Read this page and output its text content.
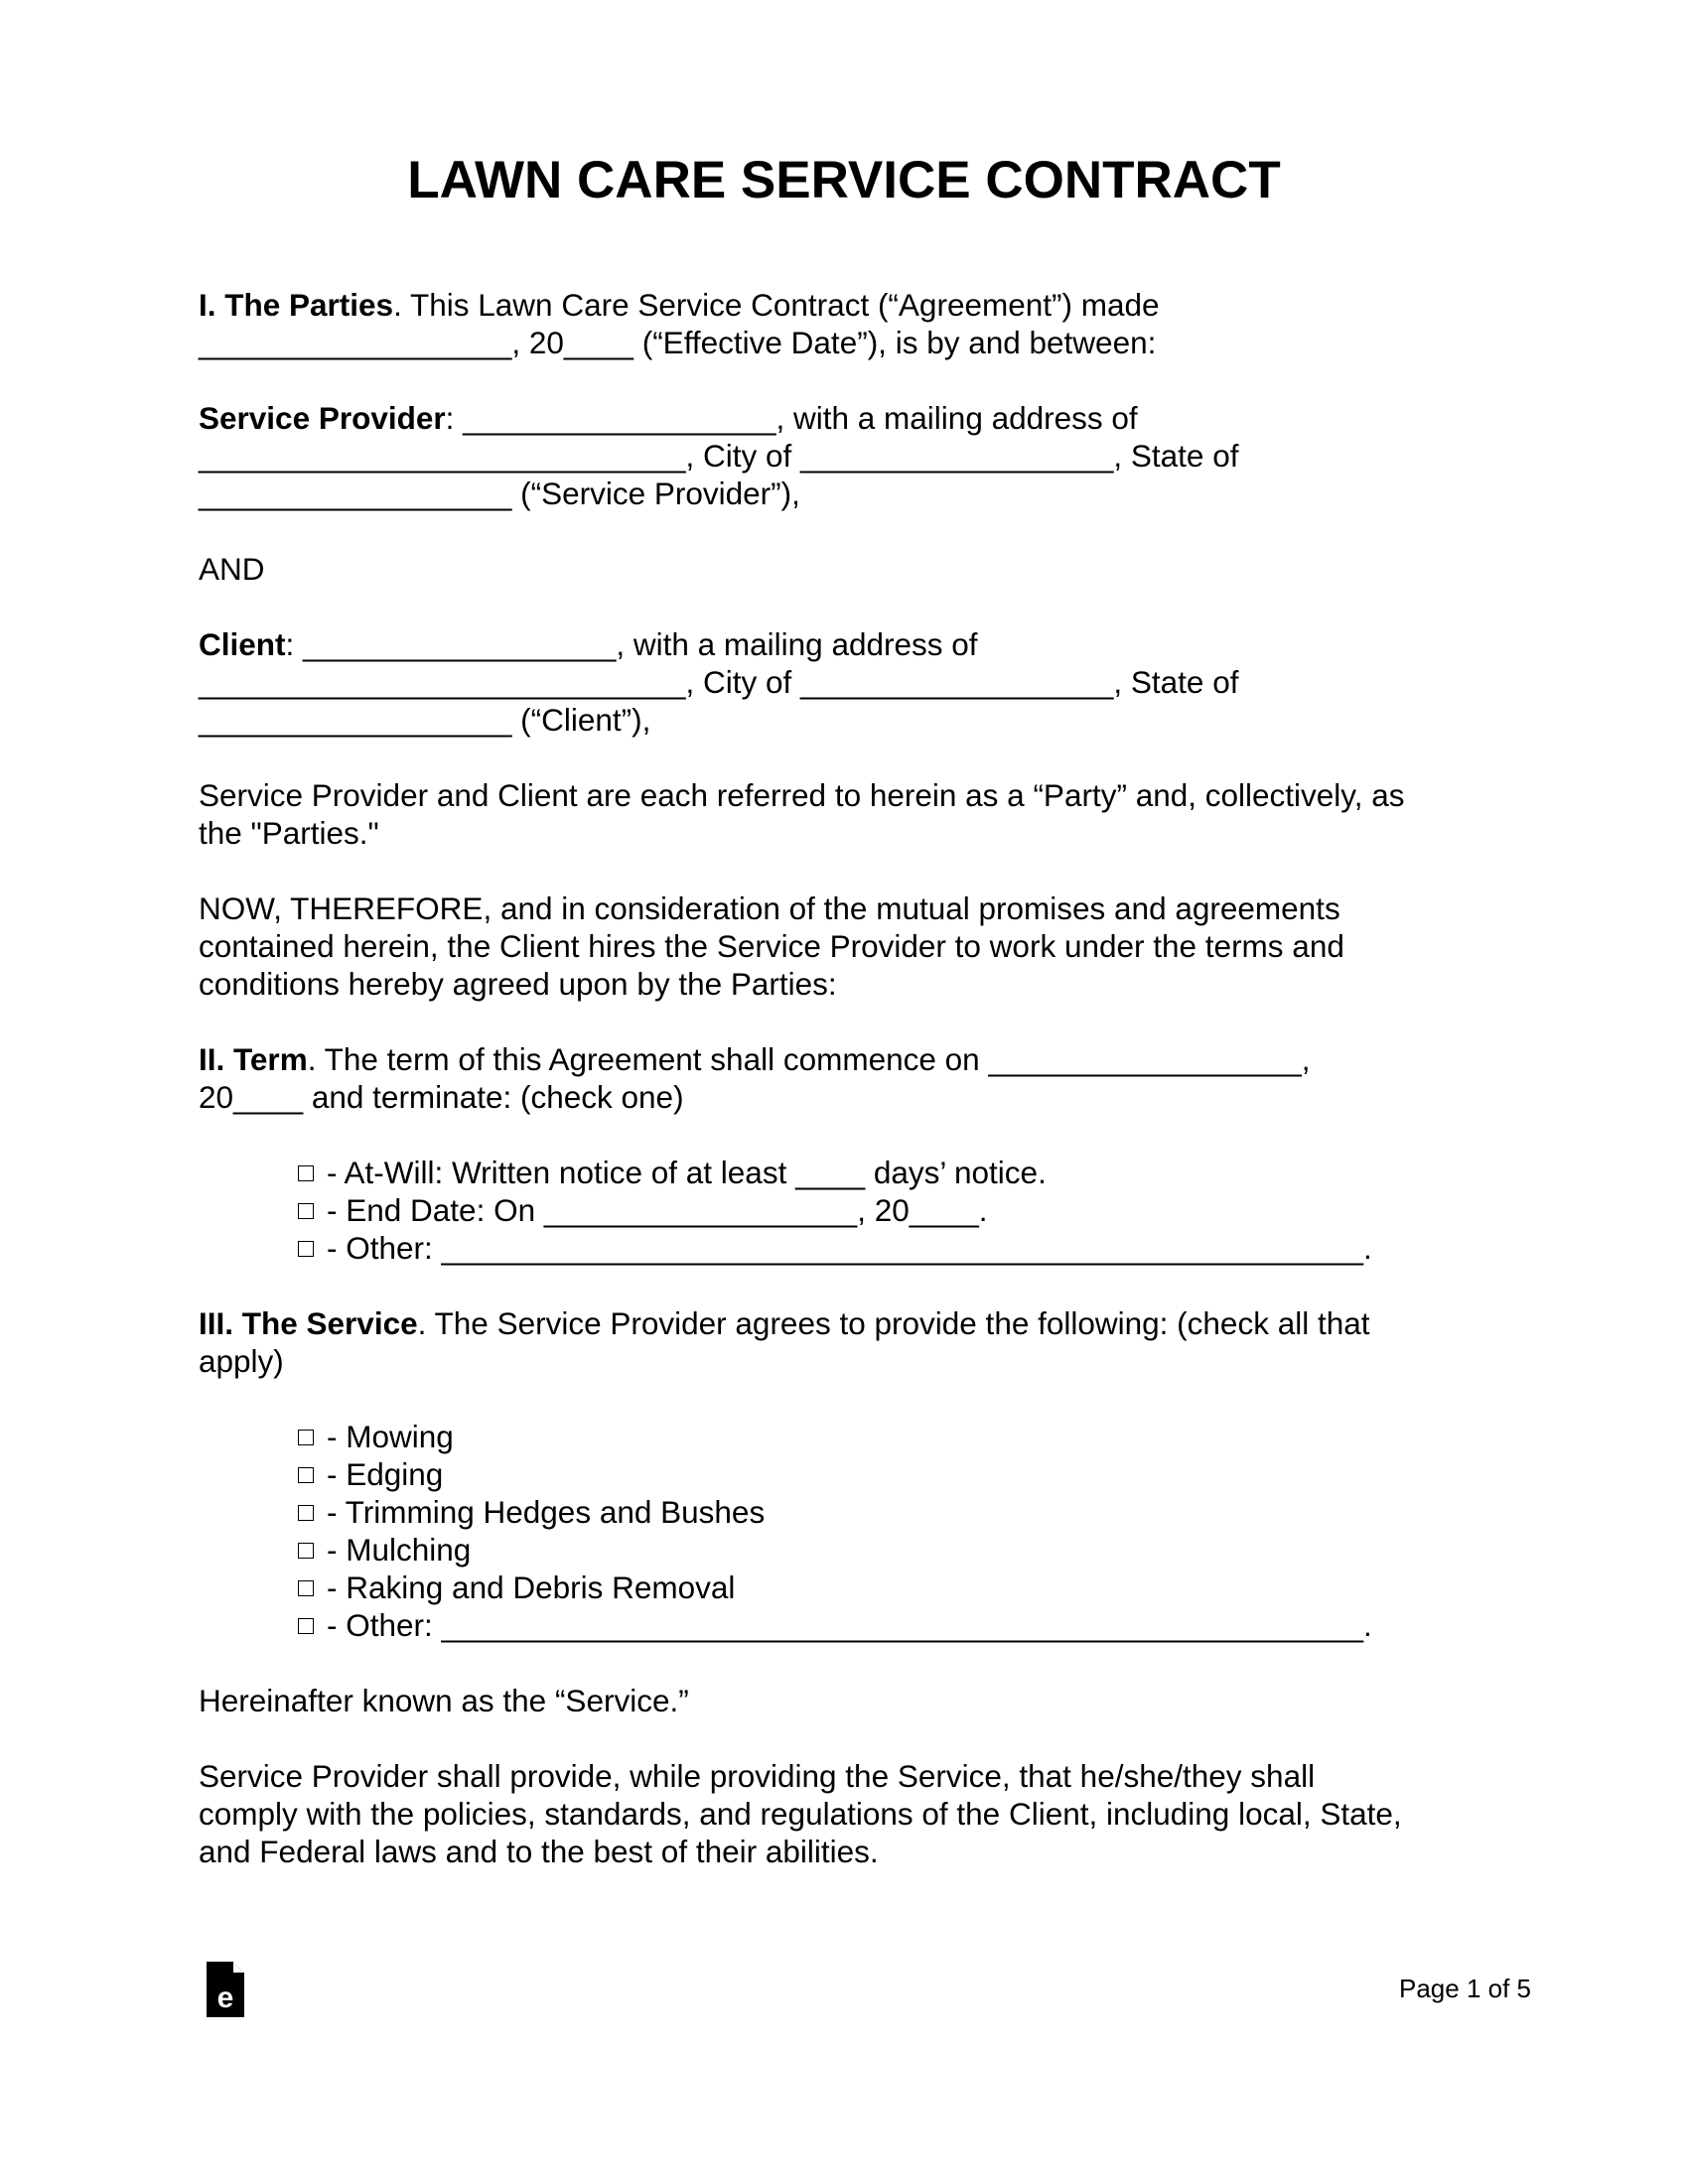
LAWN CARE SERVICE CONTRACT
I. The Parties. This Lawn Care Service Contract (“Agreement”) made
__________________, 20____ (“Effective Date”), is by and between:
Service Provider: __________________, with a mailing address of
____________________________, City of __________________, State of
__________________ (“Service Provider”),
AND
Client: __________________, with a mailing address of
____________________________, City of __________________, State of
__________________ (“Client”),
Service Provider and Client are each referred to herein as a “Party” and, collectively, as
the "Parties."
NOW, THEREFORE, and in consideration of the mutual promises and agreements
contained herein, the Client hires the Service Provider to work under the terms and
conditions hereby agreed upon by the Parties:
II. Term. The term of this Agreement shall commence on __________________,
20____ and terminate: (check one)
- At-Will: Written notice of at least ____ days’ notice.
- End Date: On __________________, 20____.
- Other: _____________________________________________________.
III. The Service. The Service Provider agrees to provide the following: (check all that
apply)
- Mowing
- Edging
- Trimming Hedges and Bushes
- Mulching
- Raking and Debris Removal
- Other: _____________________________________________________.
Hereinafter known as the “Service.”
Service Provider shall provide, while providing the Service, that he/she/they shall
comply with the policies, standards, and regulations of the Client, including local, State,
and Federal laws and to the best of their abilities.
e	Page 1 of 5
